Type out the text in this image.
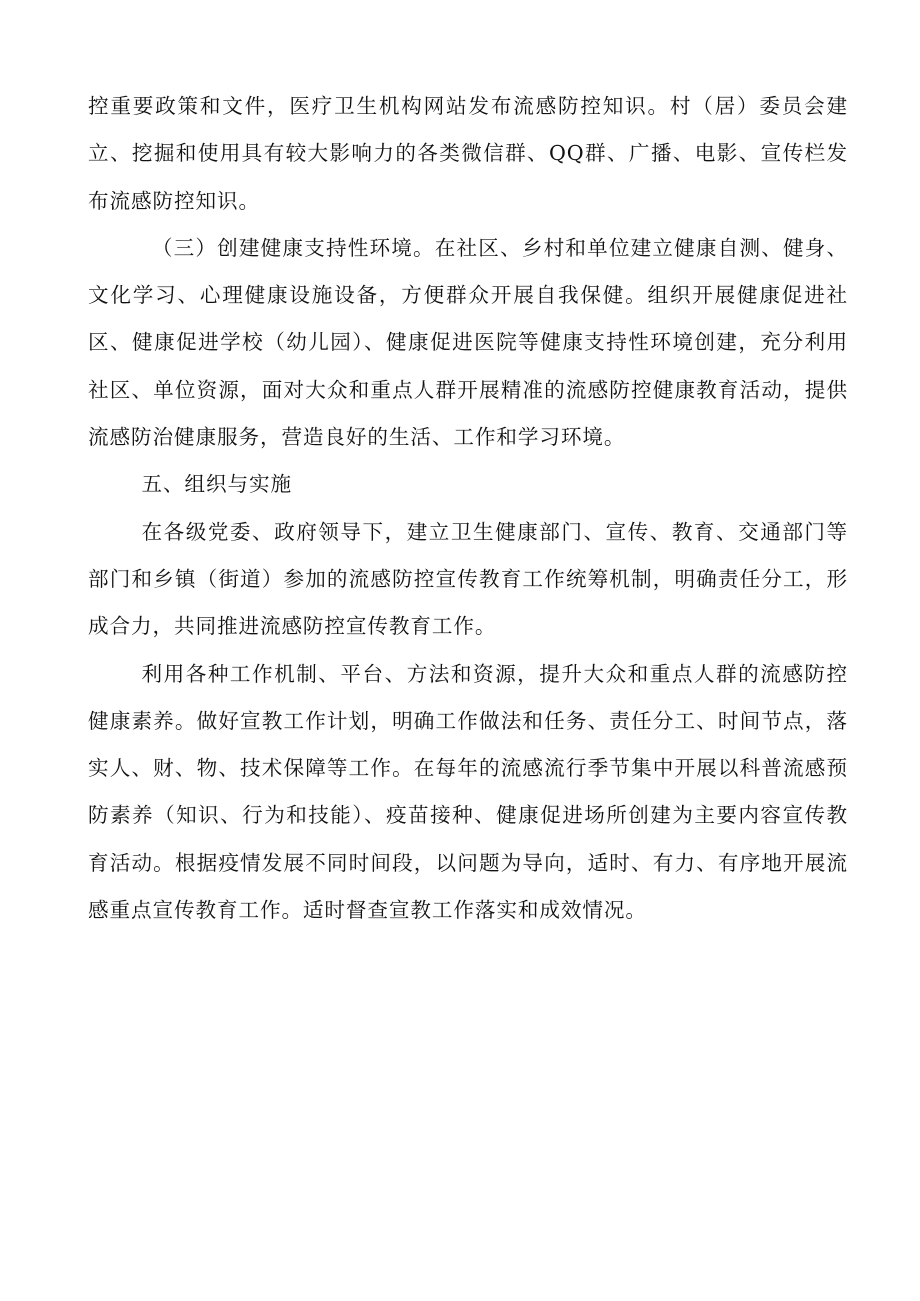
控重要政策和文件，医疗卫生机构网站发布流感防控知识。村（居）委员会建立、挖掘和使用具有较大影响力的各类微信群、QQ群、广播、电影、宣传栏发布流感防控知识。

（三）创建健康支持性环境。在社区、乡村和单位建立健康自测、健身、文化学习、心理健康设施设备，方便群众开展自我保健。组织开展健康促进社区、健康促进学校（幼儿园）、健康促进医院等健康支持性环境创建，充分利用社区、单位资源，面对大众和重点人群开展精准的流感防控健康教育活动，提供流感防治健康服务，营造良好的生活、工作和学习环境。

五、组织与实施

在各级党委、政府领导下，建立卫生健康部门、宣传、教育、交通部门等部门和乡镇（街道）参加的流感防控宣传教育工作统筹机制，明确责任分工，形成合力，共同推进流感防控宣传教育工作。

利用各种工作机制、平台、方法和资源，提升大众和重点人群的流感防控健康素养。做好宣教工作计划，明确工作做法和任务、责任分工、时间节点，落实人、财、物、技术保障等工作。在每年的流感流行季节集中开展以科普流感预防素养（知识、行为和技能）、疫苗接种、健康促进场所创建为主要内容宣传教育活动。根据疫情发展不同时间段，以问题为导向，适时、有力、有序地开展流感重点宣传教育工作。适时督查宣教工作落实和成效情况。
